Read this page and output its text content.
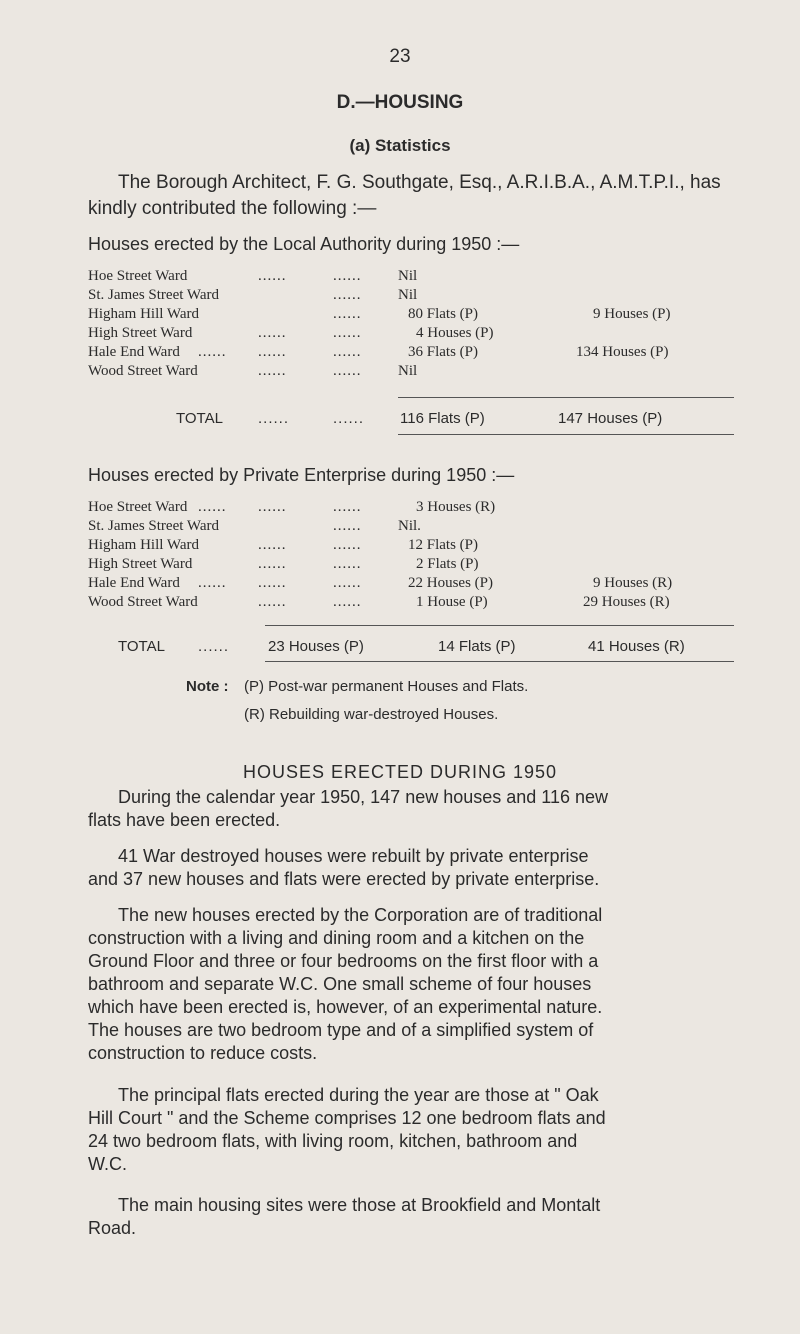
23
D.—HOUSING
(a) Statistics
The Borough Architect, F. G. Southgate, Esq., A.R.I.B.A., A.M.T.P.I., has kindly contributed the following :—
Houses erected by the Local Authority during 1950 :—
Hoe Street Ward	......	...... Nil
St. James Street Ward	...... Nil
Higham Hill Ward	......	80 Flats (P)	9 Houses (P)
High Street Ward	......	......	4 Houses (P)
Hale End Ward ...... ......	......	36 Flats (P)	134 Houses (P)
Wood Street Ward	......	...... Nil
TOTAL ......	...... 116 Flats (P)	147 Houses (P)
Houses erected by Private Enterprise during 1950 :—
Hoe Street Ward ...... ......	......	3 Houses (R)
St. James Street Ward	...... Nil.
Higham Hill Ward	......	......	12 Flats (P)
High Street Ward	......	......	2 Flats (P)
Hale End Ward ...... ......	......	22 Houses (P)	9 Houses (R)
Wood Street Ward	......	......	1 House (P)	29 Houses (R)
TOTAL ......	23 Houses (P)	14 Flats (P)	41 Houses (R)
Note : (P) Post-war permanent Houses and Flats.
(R) Rebuilding war-destroyed Houses.
HOUSES ERECTED DURING 1950
During the calendar year 1950, 147 new houses and 116 new
flats have been erected.
41 War destroyed houses were rebuilt by private enterprise
and 37 new houses and flats were erected by private enterprise.
The new houses erected by the Corporation are of traditional
construction with a living and dining room and a kitchen on the
Ground Floor and three or four bedrooms on the first floor with a
bathroom and separate W.C. One small scheme of four houses
which have been erected is, however, of an experimental nature.
The houses are two bedroom type and of a simplified system of
construction to reduce costs.
The principal flats erected during the year are those at " Oak
Hill Court " and the Scheme comprises 12 one bedroom flats and
24 two bedroom flats, with living room, kitchen, bathroom and
W.C.
The main housing sites were those at Brookfield and Montalt
Road.
